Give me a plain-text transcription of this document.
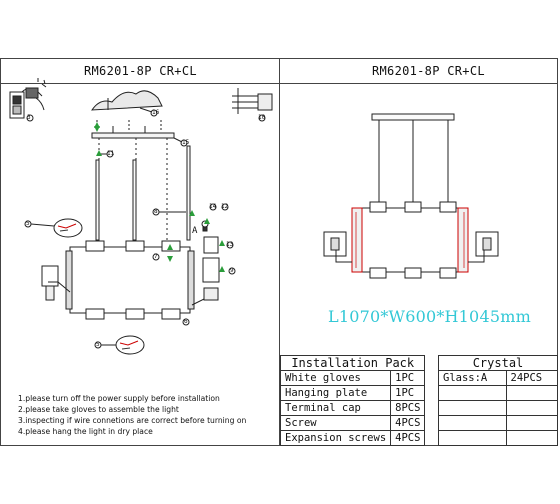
RM6201-8P CR+CL	RM6201-8P CR+CL
3
16
15
11
5
5
6
8
7
14 12
13
9
10
A
L1070*W600*H1045mm
Installation Pack	
White gloves	1PC
Hanging plate	1PC
Terminal cap	8PCS
Screw	4PCS
Expansion screws	4PCS
Crystal	
Glass:A	24PCS

1.please turn off the power supply before installation
2.please take gloves to assemble the light
3.inspecting if wire connetions are correct before turning on
4.please hang the light in dry place
